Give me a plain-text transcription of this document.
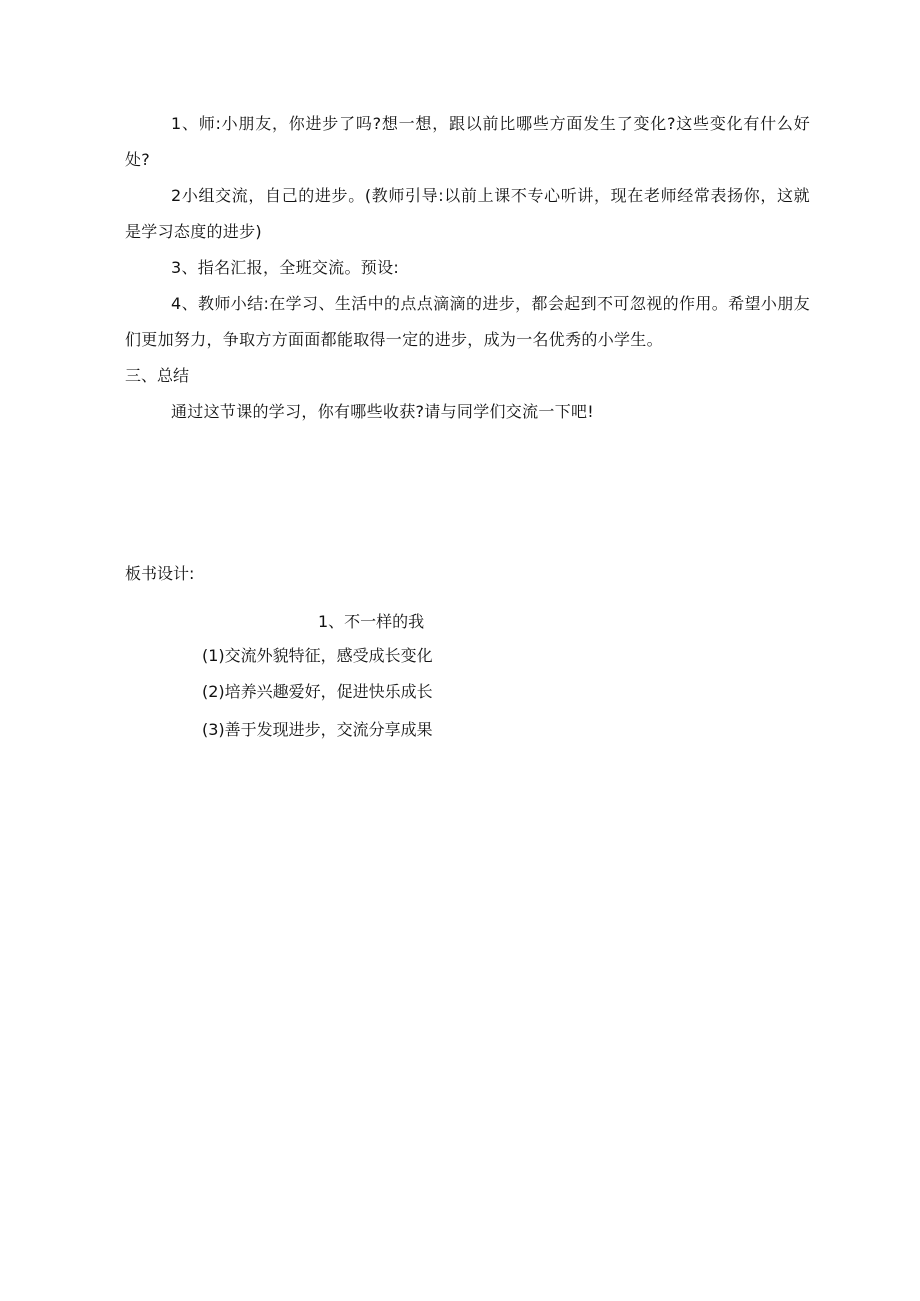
1、师:小朋友，你进步了吗?想一想，跟以前比哪些方面发生了变化?这些变化有什么好处?

2小组交流，自己的进步。(教师引导:以前上课不专心听讲，现在老师经常表扬你，这就是学习态度的进步)

3、指名汇报，全班交流。预设:

4、教师小结:在学习、生活中的点点滴滴的进步，都会起到不可忽视的作用。希望小朋友们更加努力，争取方方面面都能取得一定的进步，成为一名优秀的小学生。

三、总结

通过这节课的学习，你有哪些收获?请与同学们交流一下吧!

板书设计:

1、不一样的我

(1)交流外貌特征，感受成长变化

(2)培养兴趣爱好，促进快乐成长

(3)善于发现进步，交流分享成果
